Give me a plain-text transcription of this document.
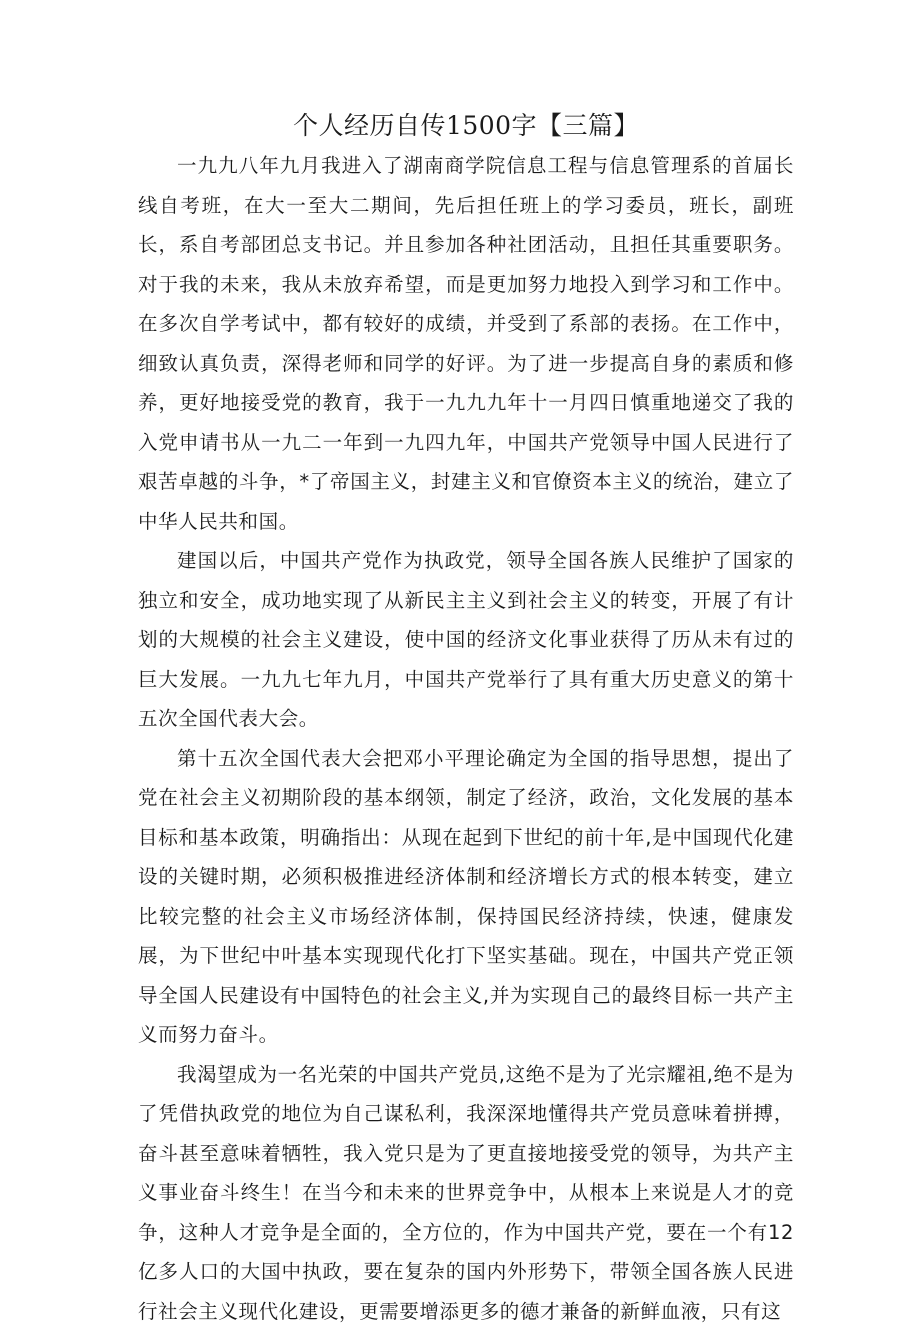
个人经历自传1500字【三篇】

一九九八年九月我进入了湖南商学院信息工程与信息管理系的首届长线自考班，在大一至大二期间，先后担任班上的学习委员，班长，副班长，系自考部团总支书记。并且参加各种社团活动，且担任其重要职务。对于我的未来，我从未放弃希望，而是更加努力地投入到学习和工作中。在多次自学考试中，都有较好的成绩，并受到了系部的表扬。在工作中，细致认真负责，深得老师和同学的好评。为了进一步提高自身的素质和修养，更好地接受党的教育，我于一九九九年十一月四日慎重地递交了我的入党申请书从一九二一年到一九四九年，中国共产党领导中国人民进行了艰苦卓越的斗争，*了帝国主义，封建主义和官僚资本主义的统治，建立了中华人民共和国。

建国以后，中国共产党作为执政党，领导全国各族人民维护了国家的独立和安全，成功地实现了从新民主主义到社会主义的转变，开展了有计划的大规模的社会主义建设，使中国的经济文化事业获得了历从未有过的巨大发展。一九九七年九月，中国共产党举行了具有重大历史意义的第十五次全国代表大会。

第十五次全国代表大会把邓小平理论确定为全国的指导思想，提出了党在社会主义初期阶段的基本纲领，制定了经济，政治，文化发展的基本目标和基本政策，明确指出：从现在起到下世纪的前十年,是中国现代化建设的关键时期，必须积极推进经济体制和经济增长方式的根本转变，建立比较完整的社会主义市场经济体制，保持国民经济持续，快速，健康发展，为下世纪中叶基本实现现代化打下坚实基础。现在，中国共产党正领导全国人民建设有中国特色的社会主义,并为实现自己的最终目标一共产主义而努力奋斗。

我渴望成为一名光荣的中国共产党员,这绝不是为了光宗耀祖,绝不是为了凭借执政党的地位为自己谋私利，我深深地懂得共产党员意味着拼搏，奋斗甚至意味着牺牲，我入党只是为了更直接地接受党的领导，为共产主义事业奋斗终生！在当今和未来的世界竞争中，从根本上来说是人才的竞争，这种人才竞争是全面的，全方位的，作为中国共产党，要在一个有12亿多人口的大国中执政，要在复杂的国内外形势下，带领全国各族人民进行社会主义现代化建设，更需要增添更多的德才兼备的新鲜血液，只有这
